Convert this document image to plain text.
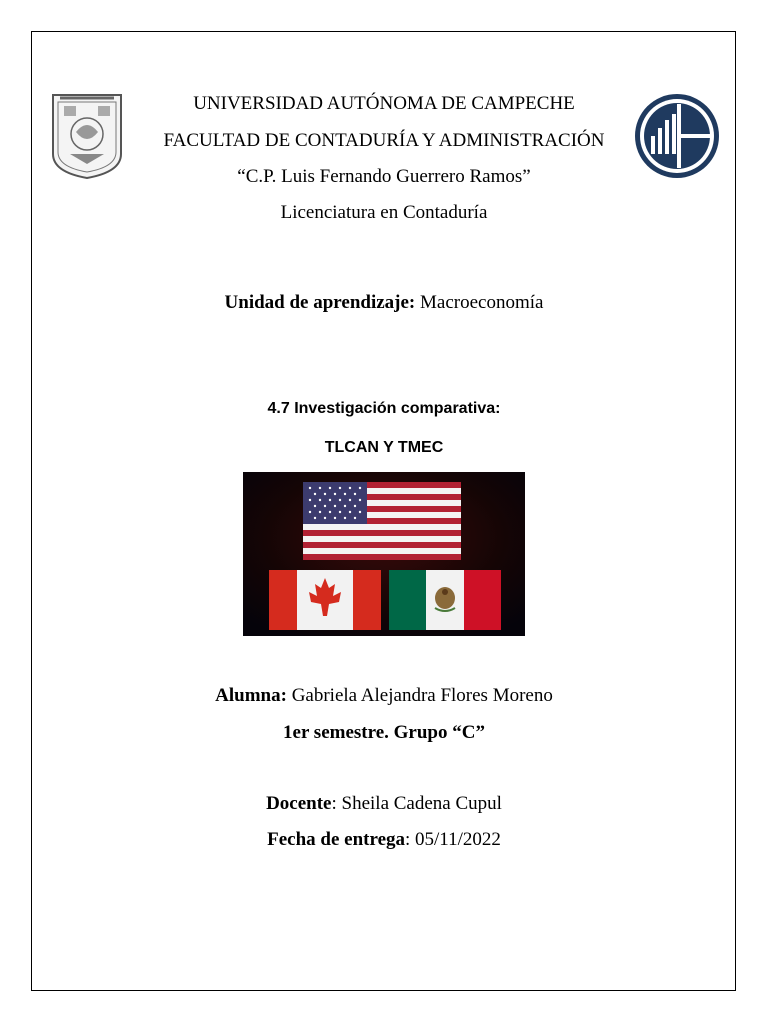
UNIVERSIDAD AUTÓNOMA DE CAMPECHE
FACULTAD DE CONTADURÍA Y ADMINISTRACIÓN
“C.P. Luis Fernando Guerrero Ramos”
Licenciatura en Contaduría
Unidad de aprendizaje: Macroeconomía
4.7 Investigación comparativa:
TLCAN Y TMEC
Alumna: Gabriela Alejandra Flores Moreno
1er semestre. Grupo “C”
Docente: Sheila Cadena Cupul
Fecha de entrega: 05/11/2022
